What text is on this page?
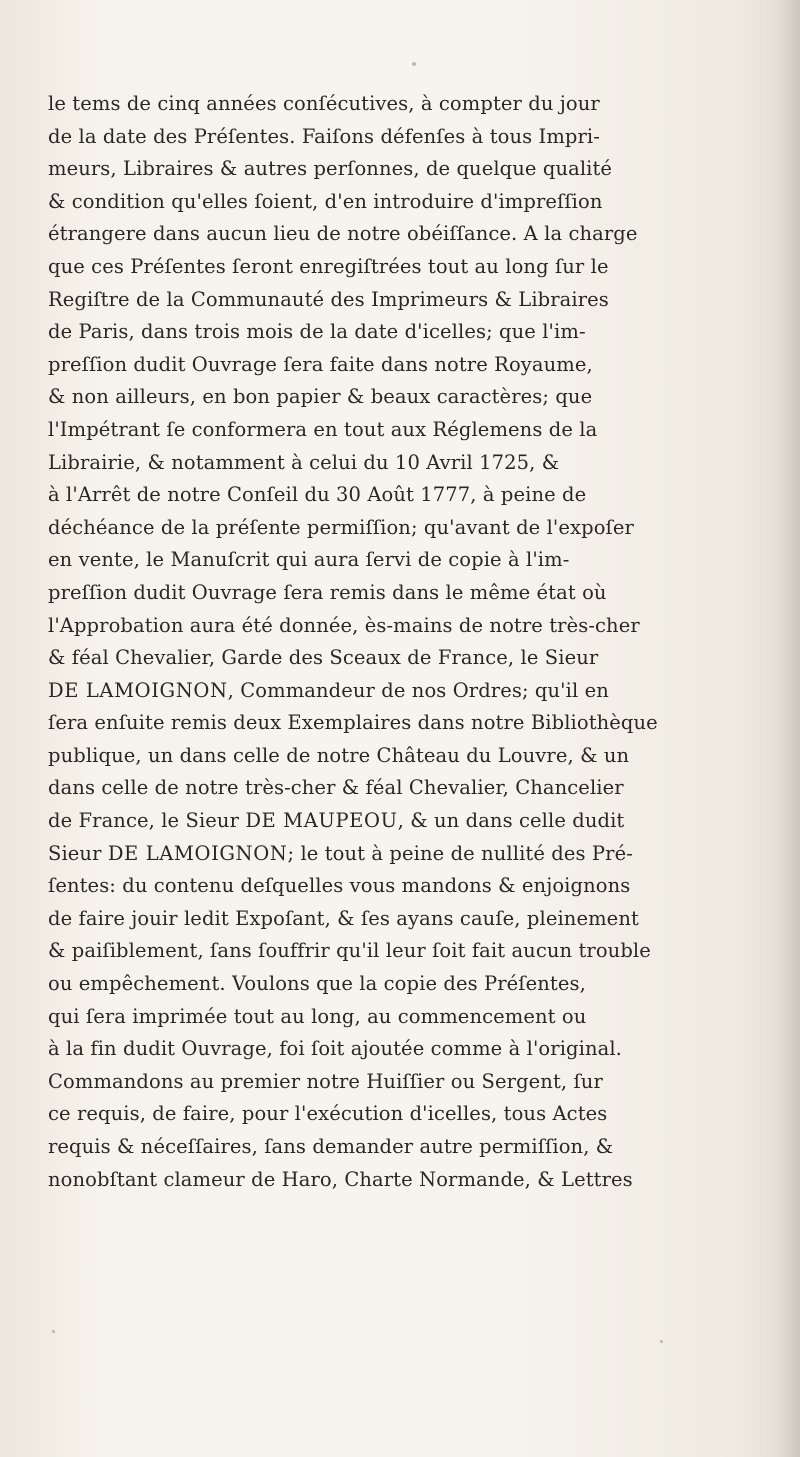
le tems de cinq années conſécutives, à compter du jour
de la date des Préſentes. Faiſons défenſes à tous Impri-
meurs, Libraires & autres perſonnes, de quelque qualité
& condition qu'elles ſoient, d'en introduire d'impreſſion
étrangere dans aucun lieu de notre obéiſſance. A la charge
que ces Préſentes ſeront enregiſtrées tout au long ſur le
Regiſtre de la Communauté des Imprimeurs & Libraires
de Paris, dans trois mois de la date d'icelles; que l'im-
preſſion dudit Ouvrage ſera faite dans notre Royaume,
& non ailleurs, en bon papier & beaux caractères; que
l'Impétrant ſe conformera en tout aux Réglemens de la
Librairie, & notamment à celui du 10 Avril 1725, &
à l'Arrêt de notre Conſeil du 30 Août 1777, à peine de
déchéance de la préſente permiſſion; qu'avant de l'expoſer
en vente, le Manuſcrit qui aura ſervi de copie à l'im-
preſſion dudit Ouvrage ſera remis dans le même état où
l'Approbation aura été donnée, ès-mains de notre très-cher
& féal Chevalier, Garde des Sceaux de France, le Sieur
DE LAMOIGNON, Commandeur de nos Ordres; qu'il en
ſera enſuite remis deux Exemplaires dans notre Bibliothèque
publique, un dans celle de notre Château du Louvre, & un
dans celle de notre très-cher & féal Chevalier, Chancelier
de France, le Sieur DE MAUPEOU, & un dans celle dudit
Sieur DE LAMOIGNON; le tout à peine de nullité des Pré-
ſentes: du contenu deſquelles vous mandons & enjoignons
de faire jouir ledit Expoſant, & ſes ayans cauſe, pleinement
& paiſiblement, ſans ſouffrir qu'il leur ſoit fait aucun trouble
ou empêchement. Voulons que la copie des Préſentes,
qui ſera imprimée tout au long, au commencement ou
à la fin dudit Ouvrage, foi ſoit ajoutée comme à l'original.
Commandons au premier notre Huiſſier ou Sergent, ſur
ce requis, de faire, pour l'exécution d'icelles, tous Actes
requis & néceſſaires, ſans demander autre permiſſion, &
nonobſtant clameur de Haro, Charte Normande, & Lettres
